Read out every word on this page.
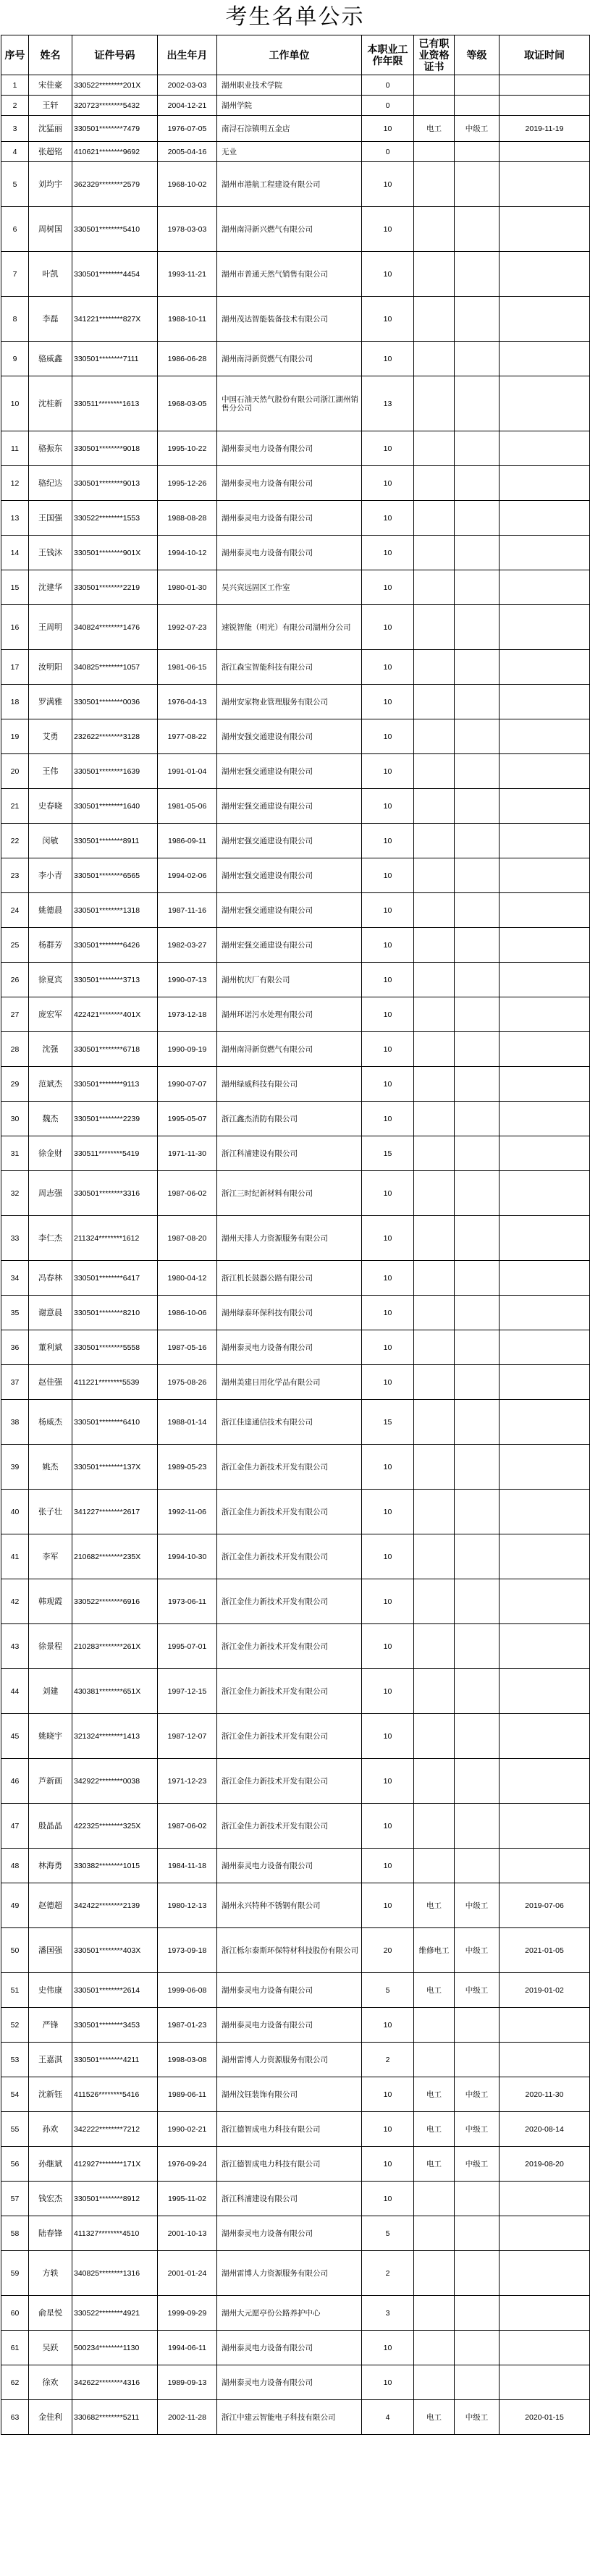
考生名单公示
序号	姓名	证件号码	出生年月	工作单位	本职业工作年限	已有职业资格证书	等级	取证时间
1	宋佳豪	330522********201X	2002-03-03	湖州职业技术学院	0			
2	王轩	320723********5432	2004-12-21	湖州学院	0			
3	沈猛丽	330501********7479	1976-07-05	南浔石淙镇明五金店	10	电工	中级工	2019-11-19
4	张超铭	410621********9692	2005-04-16	无业	0			
5	刘均宇	362329********2579	1968-10-02	湖州市港航工程建设有限公司	10			
6	周树国	330501********5410	1978-03-03	湖州南浔新兴燃气有限公司	10			
7	叶凯	330501********4454	1993-11-21	湖州市普通天然气销售有限公司	10			
8	李磊	341221********827X	1988-10-11	湖州茂达智能装备技术有限公司	10			
9	骆威鑫	330501********7111	1986-06-28	湖州南浔新贸燃气有限公司	10			
10	沈桂新	330511********1613	1968-03-05	中国石油天然气股份有限公司浙江湖州销售分公司	13			
11	骆振东	330501********9018	1995-10-22	湖州泰灵电力设备有限公司	10			
12	骆纪达	330501********9013	1995-12-26	湖州泰灵电力设备有限公司	10			
13	王国强	330522********1553	1988-08-28	湖州泰灵电力设备有限公司	10			
14	王钱沐	330501********901X	1994-10-12	湖州泰灵电力设备有限公司	10			
15	沈建华	330501********2219	1980-01-30	吴兴宾远固区工作室	10			
16	王周明	340824********1476	1992-07-23	速锐智能（明光）有限公司湖州分公司	10			
17	汝明阳	340825********1057	1981-06-15	浙江森宝智能科技有限公司	10			
18	罗满雅	330501********0036	1976-04-13	湖州安家物业管理服务有限公司	10			
19	艾勇	232622********3128	1977-08-22	湖州安强交通建设有限公司	10			
20	王伟	330501********1639	1991-01-04	湖州宏强交通建设有限公司	10			
21	史春晓	330501********1640	1981-05-06	湖州宏强交通建设有限公司	10			
22	闵敏	330501********8911	1986-09-11	湖州宏强交通建设有限公司	10			
23	李小青	330501********6565	1994-02-06	湖州宏强交通建设有限公司	10			
24	姚德晨	330501********1318	1987-11-16	湖州宏强交通建设有限公司	10			
25	杨群芳	330501********6426	1982-03-27	湖州宏强交通建设有限公司	10			
26	徐夏宾	330501********3713	1990-07-13	湖州杭庆厂有限公司	10			
27	庞宏军	422421********401X	1973-12-18	湖州环诺污水处理有限公司	10			
28	沈强	330501********6718	1990-09-19	湖州南浔新贸燃气有限公司	10			
29	范斌杰	330501********9113	1990-07-07	湖州绿威科技有限公司	10			
30	魏杰	330501********2239	1995-05-07	浙江鑫杰消防有限公司	10			
31	徐金财	330511********5419	1971-11-30	浙江科浦建设有限公司	15			
32	周志强	330501********3316	1987-06-02	浙江三时纪新材料有限公司	10			
33	李仁杰	211324********1612	1987-08-20	湖州天排人力资源服务有限公司	10			
34	冯春林	330501********6417	1980-04-12	浙江机长鼓器公路有限公司	10			
35	谢意晨	330501********8210	1986-10-06	湖州绿泰环保科技有限公司	10			
36	董利斌	330501********5558	1987-05-16	湖州泰灵电力设备有限公司	10			
37	赵佳强	411221********5539	1975-08-26	湖州美建日用化学品有限公司	10			
38	杨威杰	330501********6410	1988-01-14	浙江佳達通信技术有限公司	15			
39	姚杰	330501********137X	1989-05-23	浙江金佳力新技术开发有限公司	10			
40	张子壮	341227********2617	1992-11-06	浙江金佳力新技术开发有限公司	10			
41	李军	210682********235X	1994-10-30	浙江金佳力新技术开发有限公司	10			
42	韩观霞	330522********6916	1973-06-11	浙江金佳力新技术开发有限公司	10			
43	徐景程	210283********261X	1995-07-01	浙江金佳力新技术开发有限公司	10			
44	刘建	430381********651X	1997-12-15	浙江金佳力新技术开发有限公司	10			
45	姚晓宇	321324********1413	1987-12-07	浙江金佳力新技术开发有限公司	10			
46	芦新画	342922********0038	1971-12-23	浙江金佳力新技术开发有限公司	10			
47	殷晶晶	422325********325X	1987-06-02	浙江金佳力新技术开发有限公司	10			
48	林海勇	330382********1015	1984-11-18	湖州泰灵电力设备有限公司	10			
49	赵德超	342422********2139	1980-12-13	湖州永兴特种不锈钢有限公司	10	电工	中级工	2019-07-06
50	潘国强	330501********403X	1973-09-18	浙江栎尔泰斯环保特材科技股份有限公司	20	维修电工	中级工	2021-01-05
51	史伟康	330501********2614	1999-06-08	湖州泰灵电力设备有限公司	5	电工	中级工	2019-01-02
52	严锋	330501********3453	1987-01-23	湖州泰灵电力设备有限公司	10			
53	王嘉淇	330501********4211	1998-03-08	湖州雷博人力资源服务有限公司	2			
54	沈新钰	411526********5416	1989-06-11	湖州汶钰装饰有限公司	10	电工	中级工	2020-11-30
55	孙欢	342222********7212	1990-02-21	浙江德智成电力科技有限公司	10	电工	中级工	2020-08-14
56	孙继斌	412927********171X	1976-09-24	浙江德智成电力科技有限公司	10	电工	中级工	2019-08-20
57	钱宏杰	330501********8912	1995-11-02	浙江科浦建设有限公司	10			
58	陆春锋	411327********4510	2001-10-13	湖州泰灵电力设备有限公司	5			
59	方轶	340825********1316	2001-01-24	湖州雷博人力资源服务有限公司	2			
60	俞星悦	330522********4921	1999-09-29	湖州大元愿亭份公路养护中心	3			
61	吴跃	500234********1130	1994-06-11	湖州泰灵电力设备有限公司	10			
62	徐欢	342622********4316	1989-09-13	湖州泰灵电力设备有限公司	10			
63	金佳利	330682********5211	2002-11-28	浙江中建云智能电子科技有限公司	4	电工	中级工	2020-01-15
